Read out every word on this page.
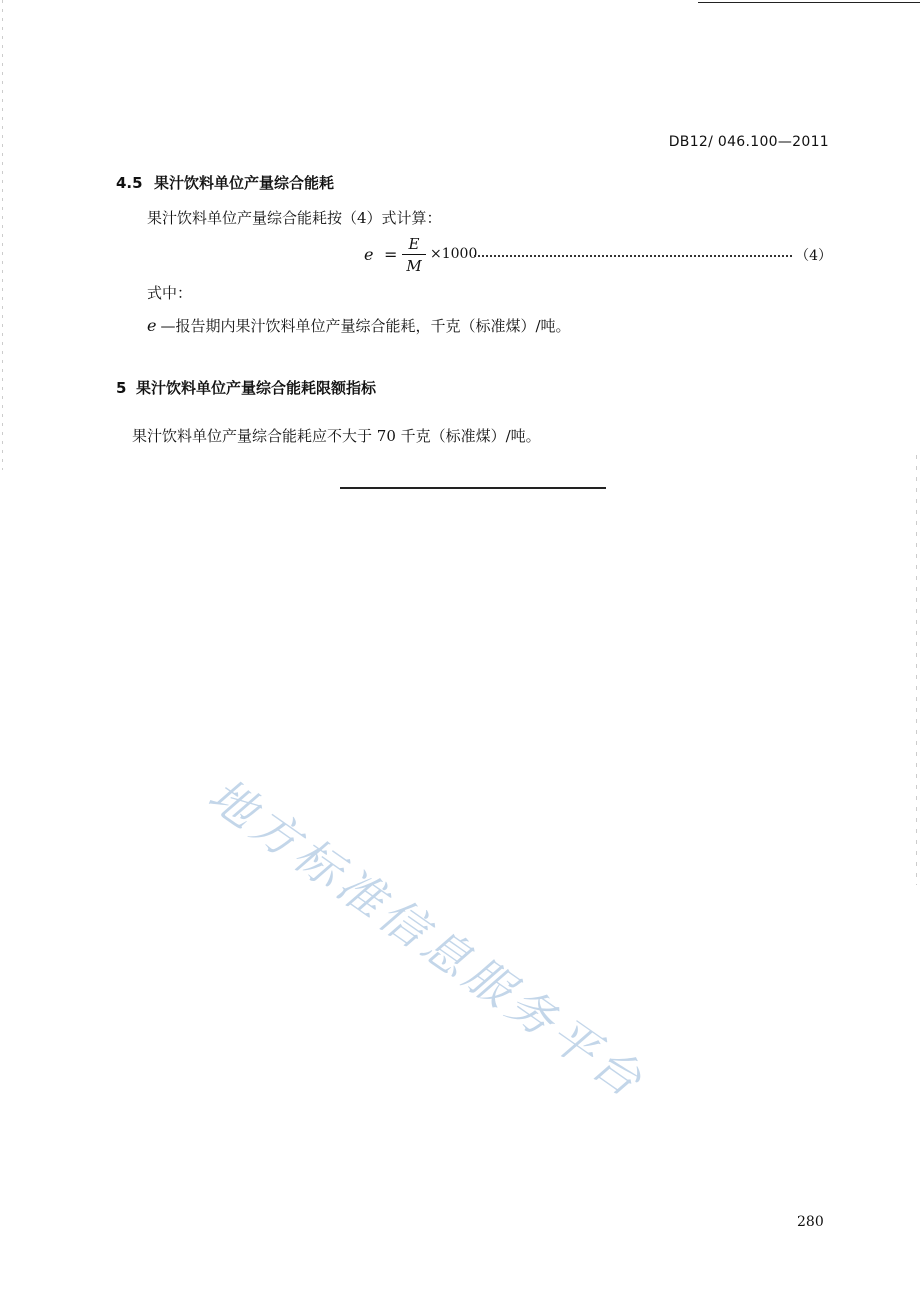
DB12/ 046.100—2011
4.5 果汁饮料单位产量综合能耗
果汁饮料单位产量综合能耗按（4）式计算：
e =
E
M
×1000	（4）
式中：
e —报告期内果汁饮料单位产量综合能耗，千克（标准煤）/吨。
5 果汁饮料单位产量综合能耗限额指标
果汁饮料单位产量综合能耗应不大于 70 千克（标准煤）/吨。
地方标准信息服务平台
280
